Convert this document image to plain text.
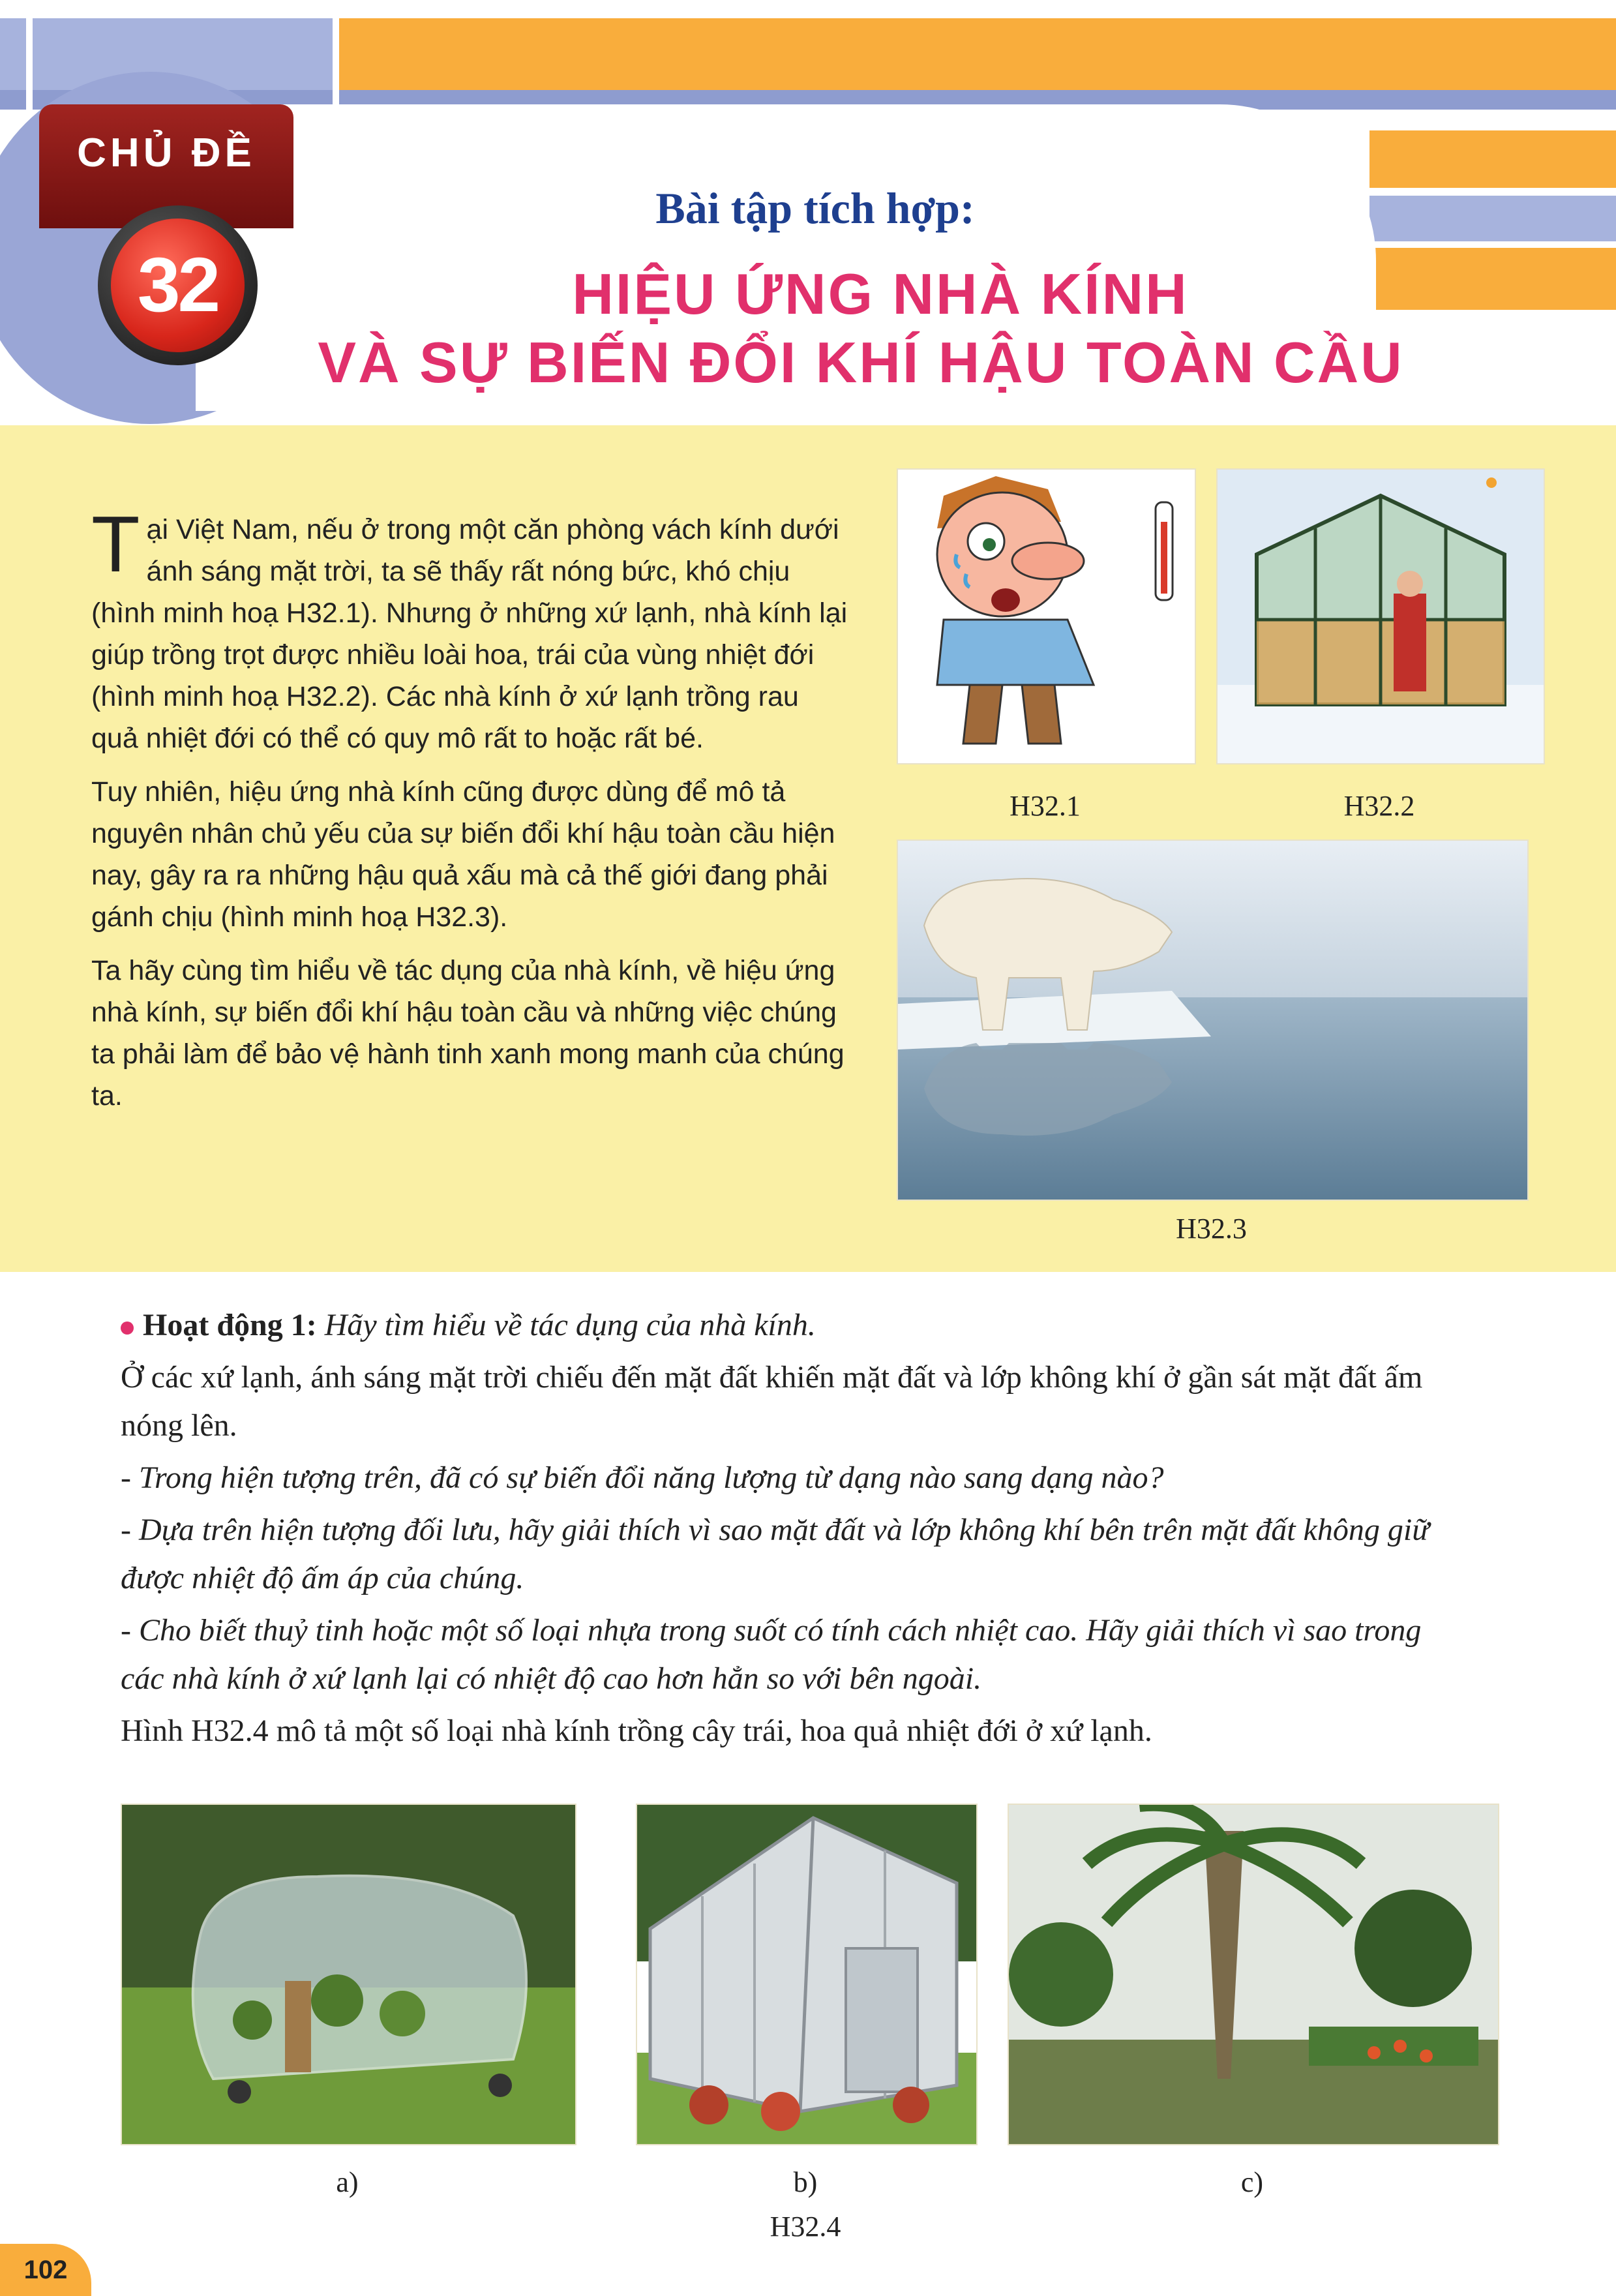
CHỦ ĐỀ
32
Bài tập tích hợp:
HIỆU ỨNG NHÀ KÍNH
VÀ SỰ BIẾN ĐỔI KHÍ HẬU TOÀN CẦU

Tại Việt Nam, nếu ở trong một căn phòng vách kính dưới ánh sáng mặt trời, ta sẽ thấy rất nóng bức, khó chịu (hình minh hoạ H32.1). Nhưng ở những xứ lạnh, nhà kính lại giúp trồng trọt được nhiều loài hoa, trái của vùng nhiệt đới (hình minh hoạ H32.2). Các nhà kính ở xứ lạnh trồng rau quả nhiệt đới có thể có quy mô rất to hoặc rất bé.

Tuy nhiên, hiệu ứng nhà kính cũng được dùng để mô tả nguyên nhân chủ yếu của sự biến đổi khí hậu toàn cầu hiện nay, gây ra ra những hậu quả xấu mà cả thế giới đang phải gánh chịu (hình minh hoạ H32.3).

Ta hãy cùng tìm hiểu về tác dụng của nhà kính, về hiệu ứng nhà kính, sự biến đổi khí hậu toàn cầu và những việc chúng ta phải làm để bảo vệ hành tinh xanh mong manh của chúng ta.

H32.1	H32.2
H32.3

Hoạt động 1: Hãy tìm hiểu về tác dụng của nhà kính.

Ở các xứ lạnh, ánh sáng mặt trời chiếu đến mặt đất khiến mặt đất và lớp không khí ở gần sát mặt đất ấm nóng lên.

- Trong hiện tượng trên, đã có sự biến đổi năng lượng từ dạng nào sang dạng nào?

- Dựa trên hiện tượng đối lưu, hãy giải thích vì sao mặt đất và lớp không khí bên trên mặt đất không giữ được nhiệt độ ấm áp của chúng.

- Cho biết thuỷ tinh hoặc một số loại nhựa trong suốt có tính cách nhiệt cao. Hãy giải thích vì sao trong các nhà kính ở xứ lạnh lại có nhiệt độ cao hơn hẳn so với bên ngoài.

Hình H32.4 mô tả một số loại nhà kính trồng cây trái, hoa quả nhiệt đới ở xứ lạnh.

a)	b)	c)
H32.4
102
